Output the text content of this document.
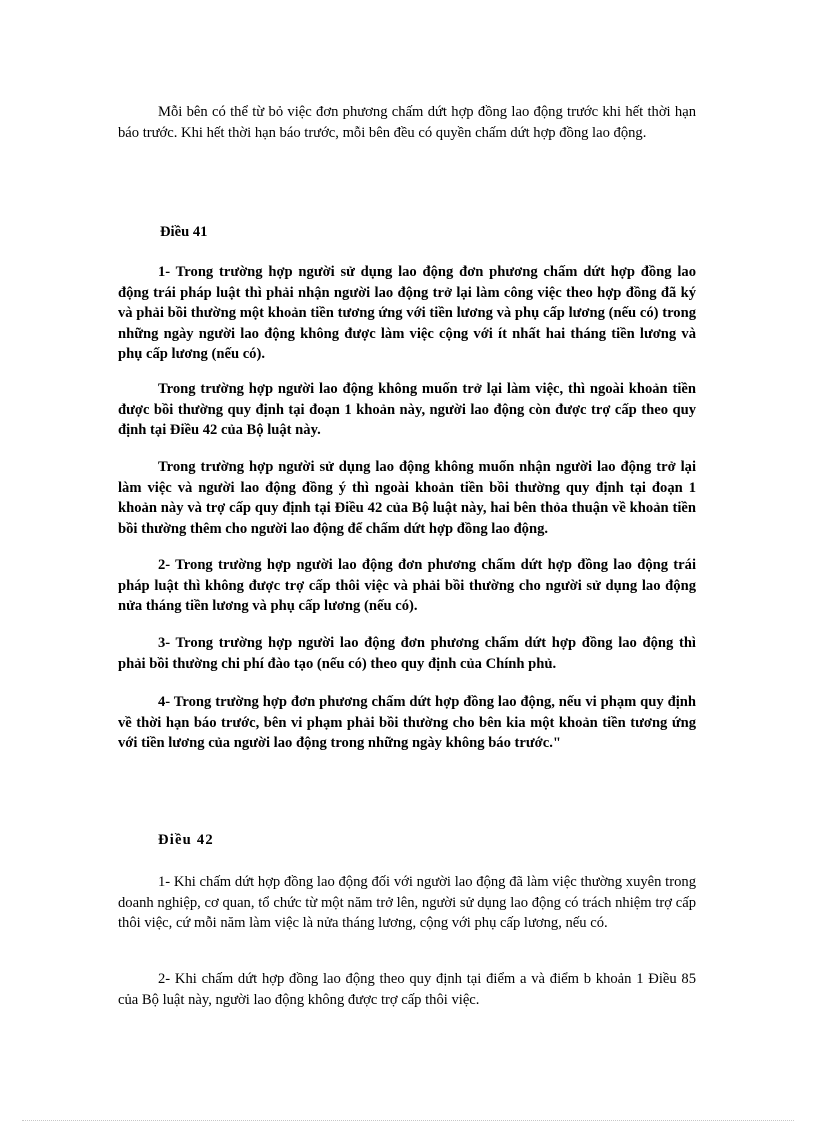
Mỗi bên có thể từ bỏ việc đơn phương chấm dứt hợp đồng lao động trước khi hết thời hạn báo trước. Khi hết thời hạn báo trước, mỗi bên đều có quyền chấm dứt hợp đồng lao động.

Điều 41

1- Trong trường hợp người sử dụng lao động đơn phương chấm dứt hợp đồng lao động trái pháp luật thì phải nhận người lao động trở lại làm công việc theo hợp đồng đã ký và phải bồi thường một khoản tiền tương ứng với tiền lương và phụ cấp lương (nếu có) trong những ngày người lao động không được làm việc cộng với ít nhất hai tháng tiền lương và phụ cấp lương (nếu có).

Trong trường hợp người lao động không muốn trở lại làm việc, thì ngoài khoản tiền được bồi thường quy định tại đoạn 1 khoản này, người lao động còn được trợ cấp theo quy định tại Điều 42 của Bộ luật này.

Trong trường hợp người sử dụng lao động không muốn nhận người lao động trở lại làm việc và người lao động đồng ý thì ngoài khoản tiền bồi thường quy định tại đoạn 1 khoản này và trợ cấp quy định tại Điều 42 của Bộ luật này, hai bên thỏa thuận về khoản tiền bồi thường thêm cho người lao động để chấm dứt hợp đồng lao động.

2- Trong trường hợp người lao động đơn phương chấm dứt hợp đồng lao động trái pháp luật thì không được trợ cấp thôi việc và phải bồi thường cho người sử dụng lao động nửa tháng tiền lương và phụ cấp lương (nếu có).

3- Trong trường hợp người lao động đơn phương chấm dứt hợp đồng lao động thì phải bồi thường chi phí đào tạo (nếu có) theo quy định của Chính phủ.

4- Trong trường hợp đơn phương chấm dứt hợp đồng lao động, nếu vi phạm quy định về thời hạn báo trước, bên vi phạm phải bồi thường cho bên kia một khoản tiền tương ứng với tiền lương của người lao động trong những ngày không báo trước."

Điều 42

1- Khi chấm dứt hợp đồng lao động đối với người lao động đã làm việc thường xuyên trong doanh nghiệp, cơ quan, tổ chức từ một năm trở lên, người sử dụng lao động có trách nhiệm trợ cấp thôi việc, cứ mỗi năm làm việc là nửa tháng lương, cộng với phụ cấp lương, nếu có.

2- Khi chấm dứt hợp đồng lao động theo quy định tại điểm a và điểm b khoản 1 Điều 85 của Bộ luật này, người lao động không được trợ cấp thôi việc.
